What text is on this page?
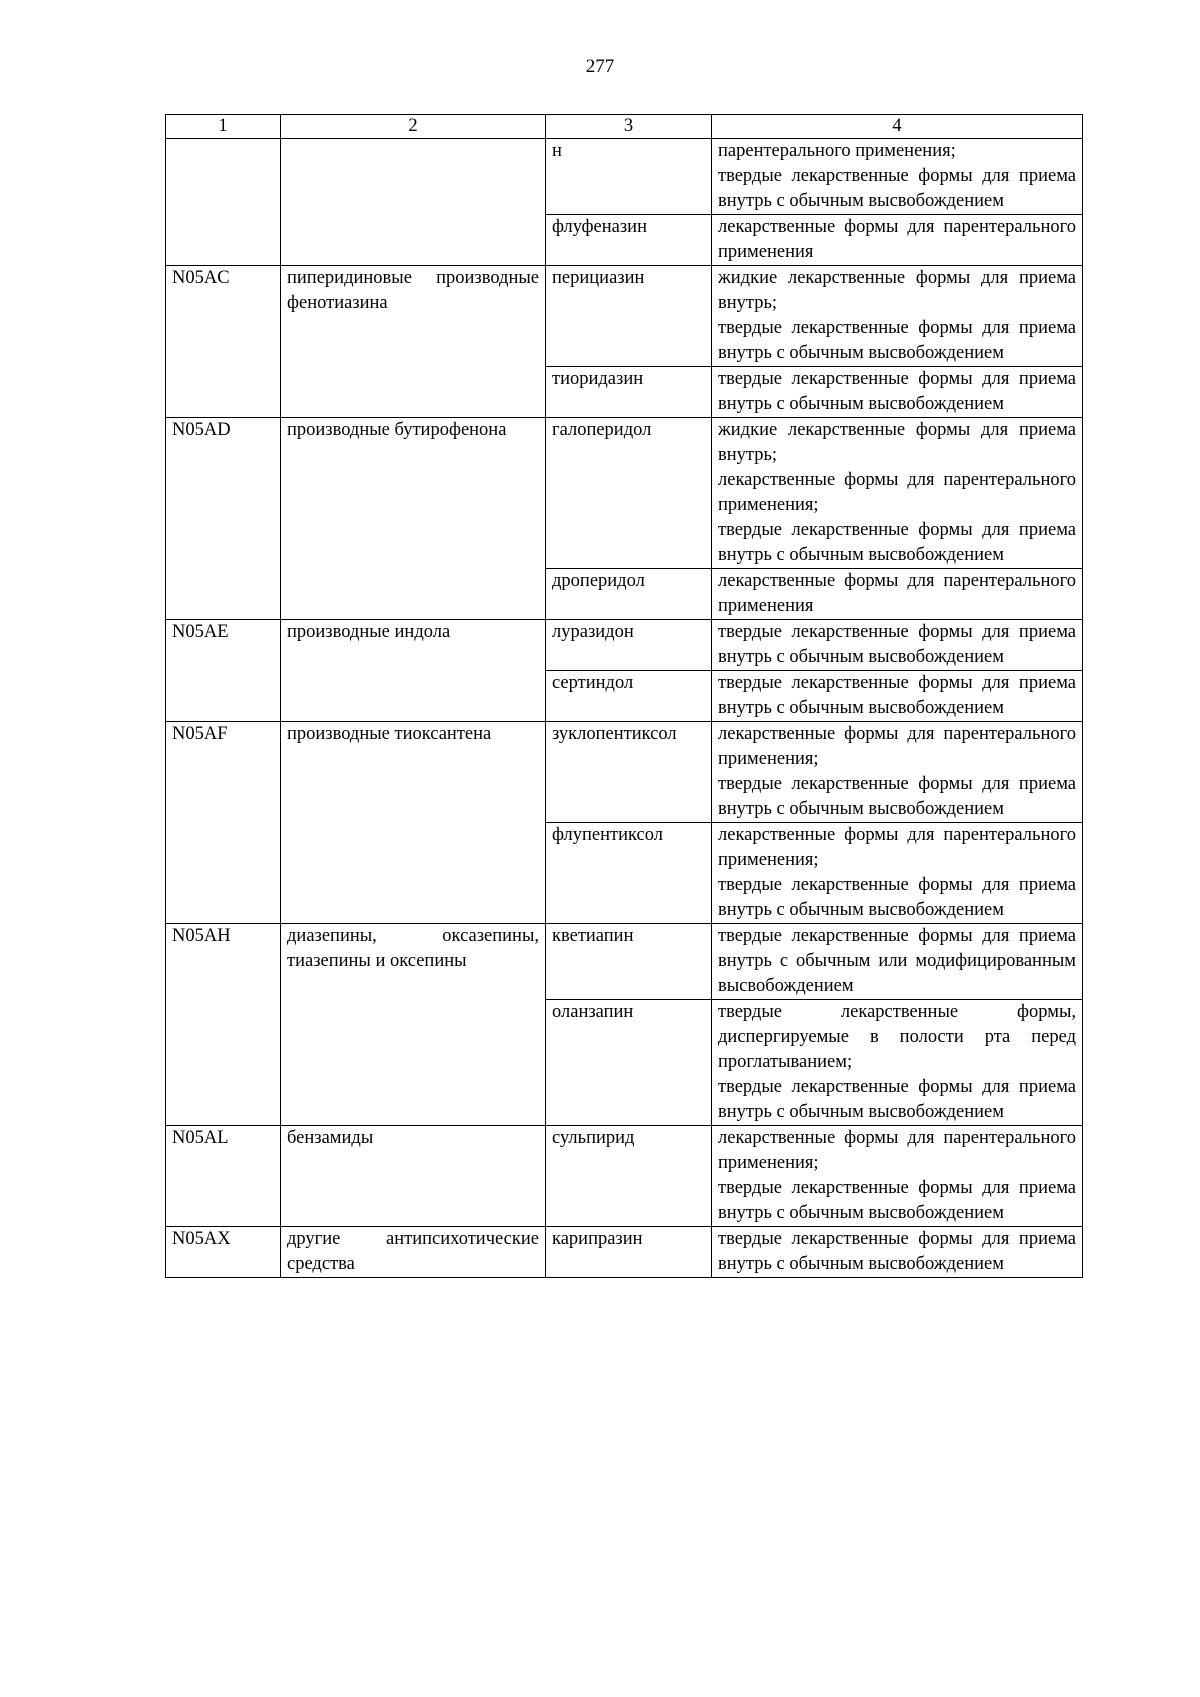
277
1	2	3	4
		н	парентерального применения;
твердые лекарственные формы для приема внутрь с обычным высвобождением

		флуфеназин	лекарственные формы для парентерального применения

N05AC	пиперидиновые производные фенотиазина	перициазин	жидкие лекарственные формы для приема внутрь;
твердые лекарственные формы для приема внутрь с обычным высвобождением

		тиоридазин	твердые лекарственные формы для приема внутрь с обычным высвобождением

N05AD	производные бутирофенона	галоперидол	жидкие лекарственные формы для приема внутрь;
лекарственные формы для парентерального применения;
твердые лекарственные формы для приема внутрь с обычным высвобождением

		дроперидол	лекарственные формы для парентерального применения

N05AE	производные индола	луразидон	твердые лекарственные формы для приема внутрь с обычным высвобождением

		сертиндол	твердые лекарственные формы для приема внутрь с обычным высвобождением

N05AF	производные тиоксантена	зуклопентиксол	лекарственные формы для парентерального применения;
твердые лекарственные формы для приема внутрь с обычным высвобождением

		флупентиксол	лекарственные формы для парентерального применения;
твердые лекарственные формы для приема внутрь с обычным высвобождением

N05AH	диазепины, оксазепины, тиазепины и оксепины	кветиапин	твердые лекарственные формы для приема внутрь с обычным или модифицированным высвобождением

		оланзапин	твердые лекарственные формы, диспергируемые в полости рта перед проглатыванием;
твердые лекарственные формы для приема внутрь с обычным высвобождением

N05AL	бензамиды	сульпирид	лекарственные формы для парентерального применения;
твердые лекарственные формы для приема внутрь с обычным высвобождением

N05AX	другие антипсихотические средства	карипразин	твердые лекарственные формы для приема внутрь с обычным высвобождением
